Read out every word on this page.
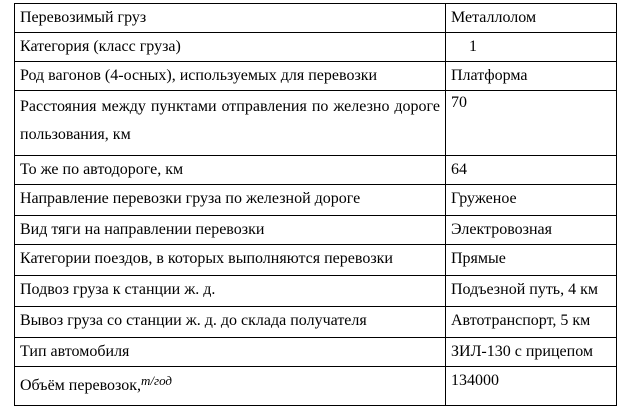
Перевозимый груз	Металлолом
Категория (класс груза)	1
Род вагонов (4-осных), используемых для перевозки	Платформа
Расстояния между пунктами отправления по железно дороге пользования, км	70
То же по автодороге, км	64
Направление перевозки груза по железной дороге	Груженое
Вид тяги на направлении перевозки	Электровозная
Категории поездов, в которых выполняются перевозки	Прямые
Подвоз груза к станции ж. д.	Подъезной путь, 4 км
Вывоз груза со станции ж. д. до склада получателя	Автотранспорт, 5 км
Тип автомобиля	ЗИЛ-130 с прицепом
Объём перевозок,$^{т/год}$	134000
